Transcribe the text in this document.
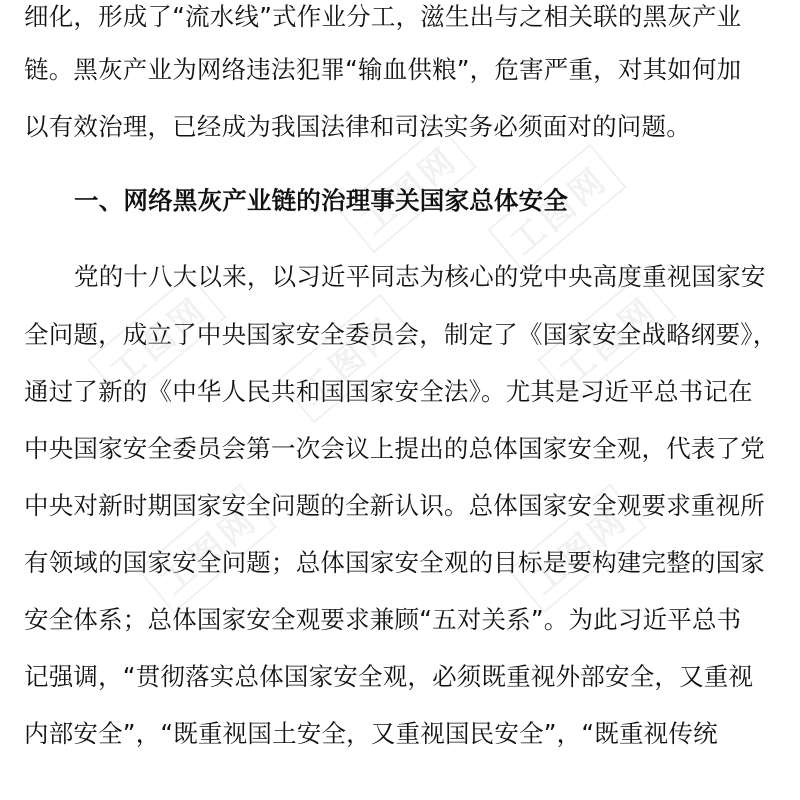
工图网	工图网
工图网	工图网	工图网
工图网	工图网
细化，形成了“流水线”式作业分工，滋生出与之相关联的黑灰产业
链。黑灰产业为网络违法犯罪“输血供粮”，危害严重，对其如何加
以有效治理，已经成为我国法律和司法实务必须面对的问题。
一、网络黑灰产业链的治理事关国家总体安全
党的十八大以来，以习近平同志为核心的党中央高度重视国家安
全问题，成立了中央国家安全委员会，制定了《国家安全战略纲要》，
通过了新的《中华人民共和国国家安全法》。尤其是习近平总书记在
中央国家安全委员会第一次会议上提出的总体国家安全观，代表了党
中央对新时期国家安全问题的全新认识。总体国家安全观要求重视所
有领域的国家安全问题；总体国家安全观的目标是要构建完整的国家
安全体系；总体国家安全观要求兼顾“五对关系”。为此习近平总书
记强调，“贯彻落实总体国家安全观，必须既重视外部安全，又重视
内部安全”，“既重视国土安全，又重视国民安全”，“既重视传统
